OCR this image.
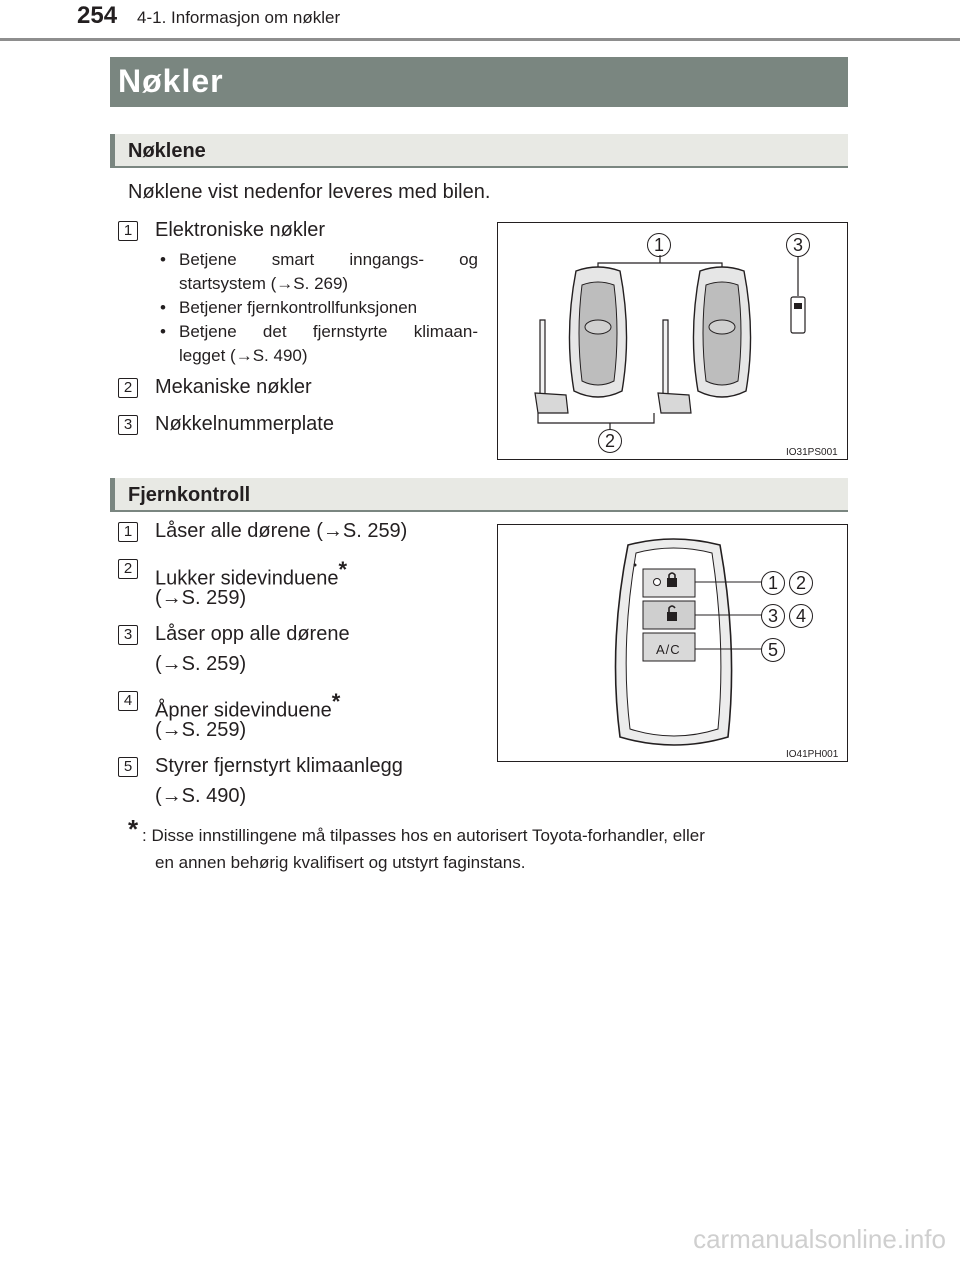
254 4-1. Informasjon om nøkler
Nøkler
Nøklene
Nøklene vist nedenfor leveres med bilen.
1 Elektroniske nøkler
• Betjene smart inngangs- og
startsystem (→S. 269)
• Betjener fjernkontrollfunksjonen
• Betjene det fjernstyrte klimaan-
legget (→S. 490)
2 Mekaniske nøkler
3 Nøkkelnummerplate
1	3
2
IO31PS001
Fjernkontroll
1 Låser alle dørene (→S. 259)
2 Lukker sidevinduene*
(→S. 259)
3 Låser opp alle dørene
(→S. 259)
4 Åpner sidevinduene*
(→S. 259)
5 Styrer fjernstyrt klimaanlegg
(→S. 490)
A/C
1 2
3 4
5
IO41PH001
* : Disse innstillingene må tilpasses hos en autorisert Toyota-forhandler, eller
en annen behørig kvalifisert og utstyrt faginstans.
carmanualsonline.info
